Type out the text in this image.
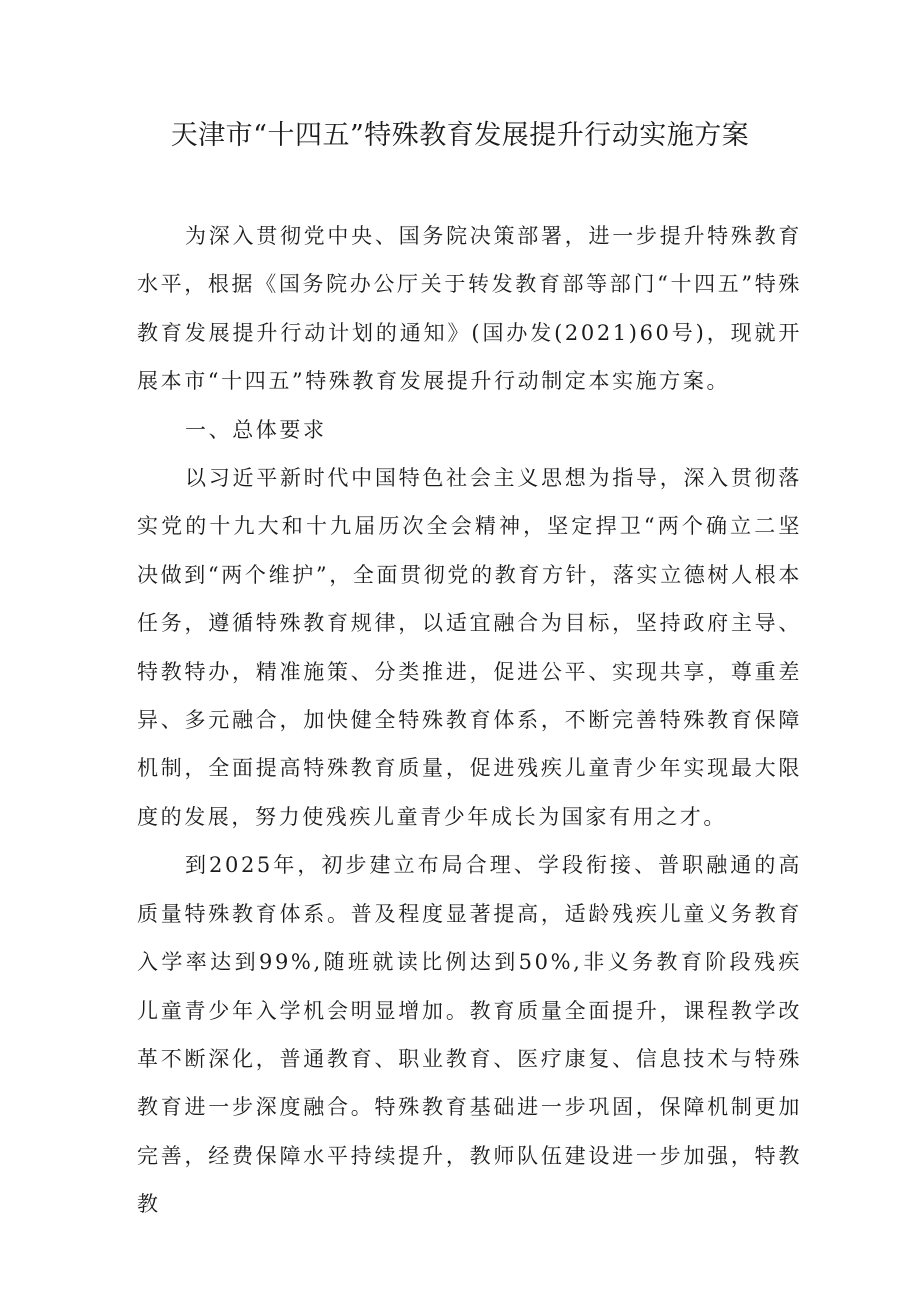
天津市“十四五”特殊教育发展提升行动实施方案

为深入贯彻党中央、国务院决策部署，进一步提升特殊教育水平，根据《国务院办公厅关于转发教育部等部门“十四五”特殊教育发展提升行动计划的通知》(国办发(2021)60号)，现就开展本市“十四五”特殊教育发展提升行动制定本实施方案。

一、总体要求

以习近平新时代中国特色社会主义思想为指导，深入贯彻落实党的十九大和十九届历次全会精神，坚定捍卫“两个确立二坚决做到“两个维护”，全面贯彻党的教育方针，落实立德树人根本任务，遵循特殊教育规律，以适宜融合为目标，坚持政府主导、特教特办，精准施策、分类推进，促进公平、实现共享，尊重差异、多元融合，加快健全特殊教育体系，不断完善特殊教育保障机制，全面提高特殊教育质量，促进残疾儿童青少年实现最大限度的发展，努力使残疾儿童青少年成长为国家有用之才。

到2025年，初步建立布局合理、学段衔接、普职融通的高质量特殊教育体系。普及程度显著提高，适龄残疾儿童义务教育入学率达到99%,随班就读比例达到50%,非义务教育阶段残疾儿童青少年入学机会明显增加。教育质量全面提升，课程教学改革不断深化，普通教育、职业教育、医疗康复、信息技术与特殊教育进一步深度融合。特殊教育基础进一步巩固，保障机制更加完善，经费保障水平持续提升，教师队伍建设进一步加强，特教教
